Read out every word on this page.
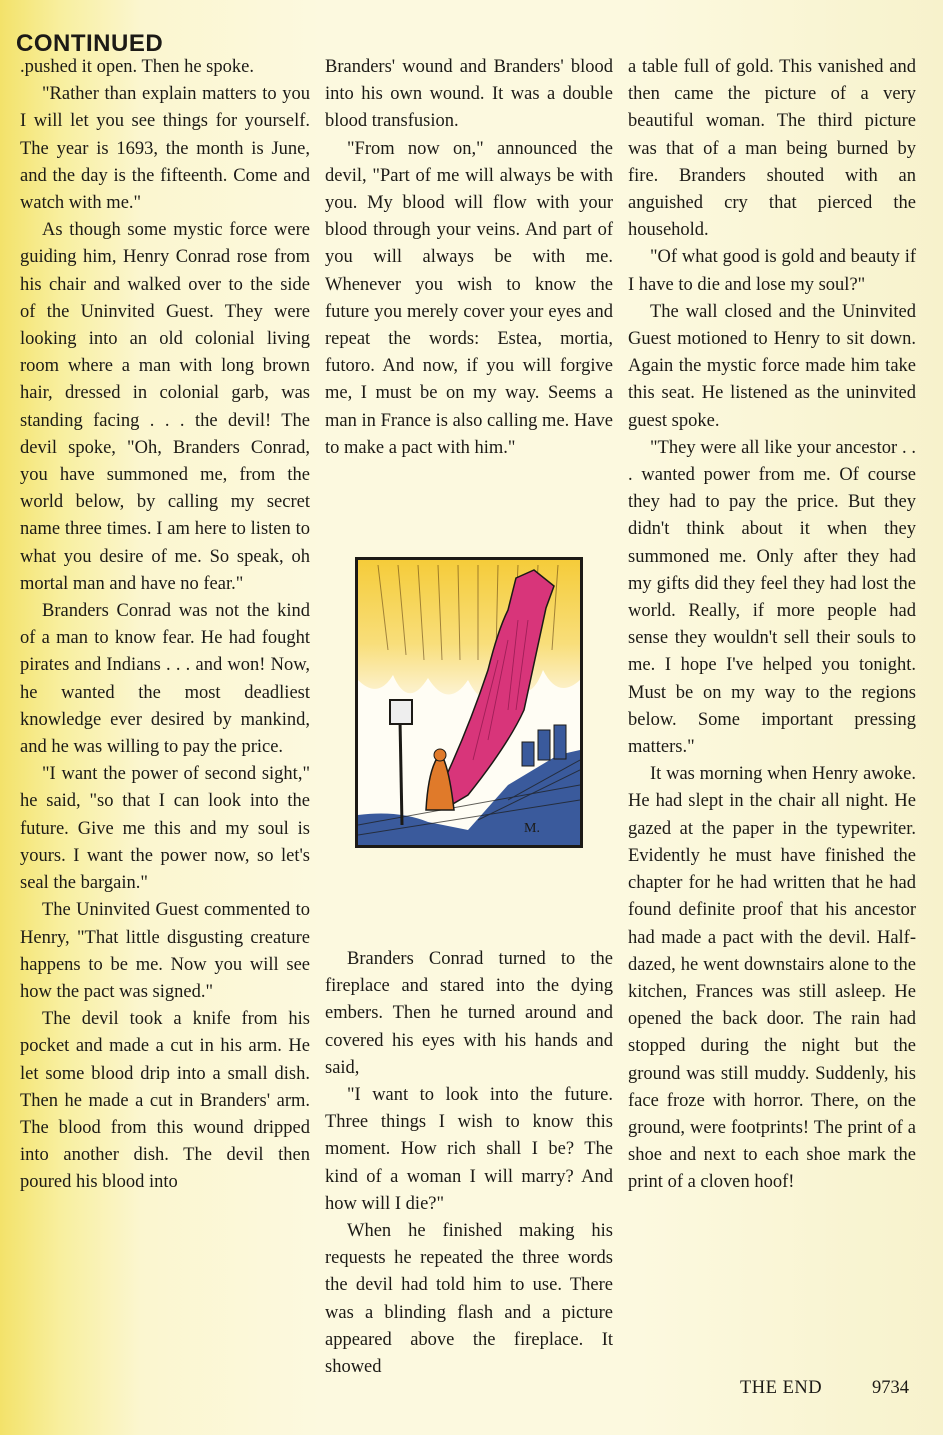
CONTINUED

.pushed it open. Then he spoke.

"Rather than explain matters to you I will let you see things for yourself. The year is 1693, the month is June, and the day is the fifteenth. Come and watch with me."

As though some mystic force were guiding him, Henry Conrad rose from his chair and walked over to the side of the Uninvited Guest. They were looking into an old colonial living room where a man with long brown hair, dressed in colonial garb, was standing facing . . . the devil! The devil spoke, "Oh, Branders Conrad, you have summoned me, from the world below, by calling my secret name three times. I am here to listen to what you desire of me. So speak, oh mortal man and have no fear."

Branders Conrad was not the kind of a man to know fear. He had fought pirates and Indians . . . and won! Now, he wanted the most deadliest knowledge ever desired by mankind, and he was willing to pay the price.

"I want the power of second sight," he said, "so that I can look into the future. Give me this and my soul is yours. I want the power now, so let's seal the bargain."

The Uninvited Guest commented to Henry, "That little disgusting creature happens to be me. Now you will see how the pact was signed."

The devil took a knife from his pocket and made a cut in his arm. He let some blood drip into a small dish. Then he made a cut in Branders' arm. The blood from this wound dripped into another dish. The devil then poured his blood into

Branders' wound and Branders' blood into his own wound. It was a double blood transfusion.

"From now on," announced the devil, "Part of me will always be with you. My blood will flow with your blood through your veins. And part of you will always be with me. Whenever you wish to know the future you merely cover your eyes and repeat the words: Estea, mortia, futoro. And now, if you will forgive me, I must be on my way. Seems a man in France is also calling me. Have to make a pact with him."

M.

Branders Conrad turned to the fireplace and stared into the dying embers. Then he turned around and covered his eyes with his hands and said,

"I want to look into the future. Three things I wish to know this moment. How rich shall I be? The kind of a woman I will marry? And how will I die?"

When he finished making his requests he repeated the three words the devil had told him to use. There was a blinding flash and a picture appeared above the fireplace. It showed

a table full of gold. This vanished and then came the picture of a very beautiful woman. The third picture was that of a man being burned by fire. Branders shouted with an anguished cry that pierced the household.

"Of what good is gold and beauty if I have to die and lose my soul?"

The wall closed and the Uninvited Guest motioned to Henry to sit down. Again the mystic force made him take this seat. He listened as the uninvited guest spoke.

"They were all like your ancestor . . . wanted power from me. Of course they had to pay the price. But they didn't think about it when they summoned me. Only after they had my gifts did they feel they had lost the world. Really, if more people had sense they wouldn't sell their souls to me. I hope I've helped you tonight. Must be on my way to the regions below. Some important pressing matters."

It was morning when Henry awoke. He had slept in the chair all night. He gazed at the paper in the typewriter. Evidently he must have finished the chapter for he had written that he had found definite proof that his ancestor had made a pact with the devil. Half-dazed, he went downstairs alone to the kitchen, Frances was still asleep. He opened the back door. The rain had stopped during the night but the ground was still muddy. Suddenly, his face froze with horror. There, on the ground, were footprints! The print of a shoe and next to each shoe mark the print of a cloven hoof!

THE END	9734
